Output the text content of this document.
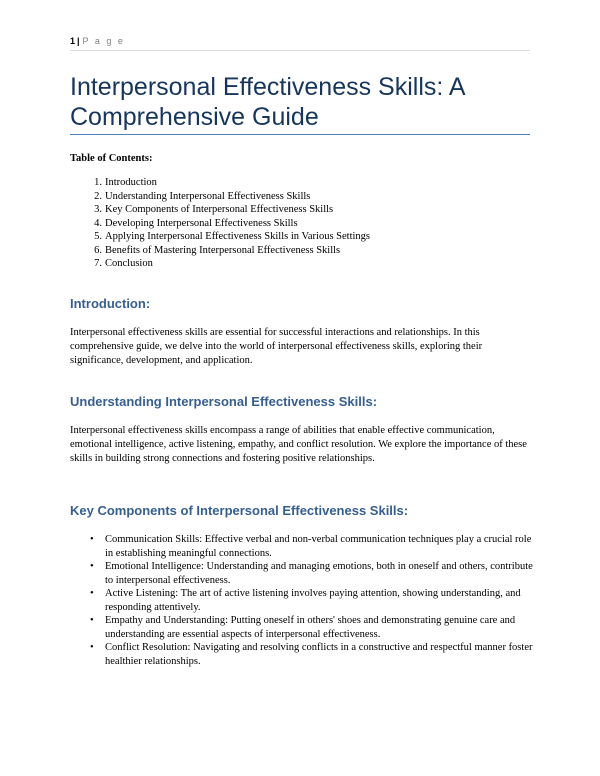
1 | P a g e
Interpersonal Effectiveness Skills: A Comprehensive Guide
Table of Contents:
1. Introduction
2. Understanding Interpersonal Effectiveness Skills
3. Key Components of Interpersonal Effectiveness Skills
4. Developing Interpersonal Effectiveness Skills
5. Applying Interpersonal Effectiveness Skills in Various Settings
6. Benefits of Mastering Interpersonal Effectiveness Skills
7. Conclusion
Introduction:

Interpersonal effectiveness skills are essential for successful interactions and relationships. In this comprehensive guide, we delve into the world of interpersonal effectiveness skills, exploring their significance, development, and application.

Understanding Interpersonal Effectiveness Skills:

Interpersonal effectiveness skills encompass a range of abilities that enable effective communication, emotional intelligence, active listening, empathy, and conflict resolution. We explore the importance of these skills in building strong connections and fostering positive relationships.

Key Components of Interpersonal Effectiveness Skills:
• Communication Skills: Effective verbal and non-verbal communication techniques play a crucial role in establishing meaningful connections.
• Emotional Intelligence: Understanding and managing emotions, both in oneself and others, contribute to interpersonal effectiveness.
• Active Listening: The art of active listening involves paying attention, showing understanding, and responding attentively.
• Empathy and Understanding: Putting oneself in others' shoes and demonstrating genuine care and understanding are essential aspects of interpersonal effectiveness.
• Conflict Resolution: Navigating and resolving conflicts in a constructive and respectful manner foster healthier relationships.
